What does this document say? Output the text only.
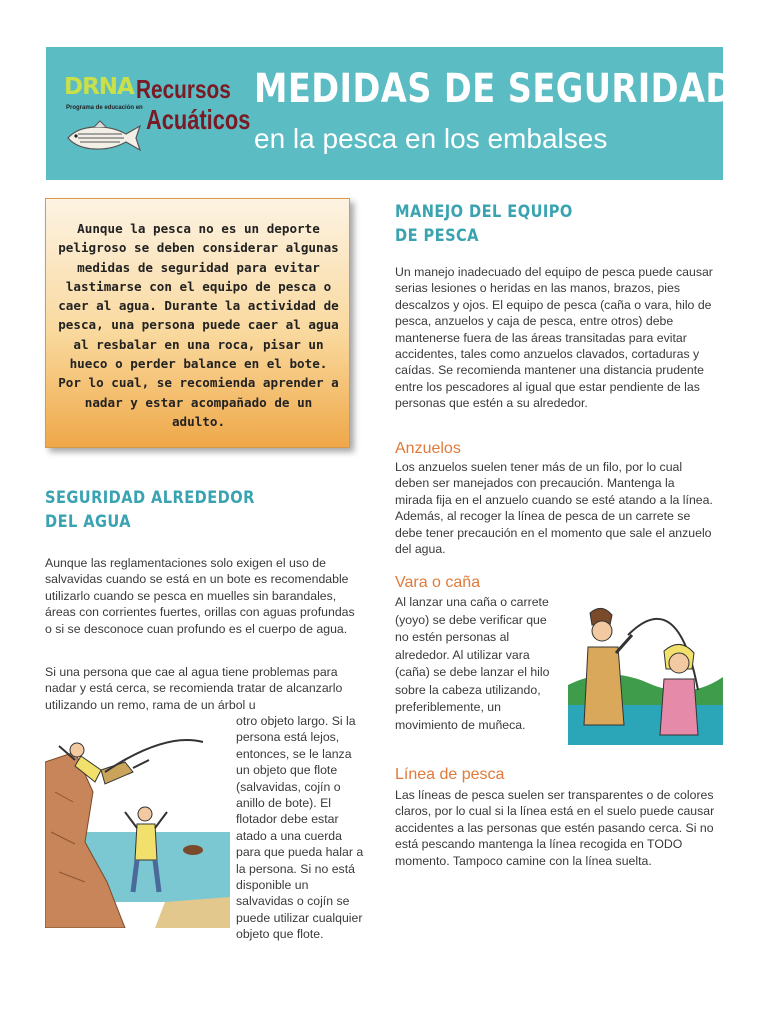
DRNA Recursos
Programa de educación en Acuáticos
MEDIDAS DE SEGURIDAD
en la pesca en los embalses
Aunque la pesca no es un deporte peligroso se deben considerar algunas medidas de seguridad para evitar lastimarse con el equipo de pesca o caer al agua. Durante la actividad de pesca, una persona puede caer al agua al resbalar en una roca, pisar un hueco o perder balance en el bote. Por lo cual, se recomienda aprender a nadar y estar acompañado de un adulto.
SEGURIDAD ALREDEDOR
DEL AGUA
Aunque las reglamentaciones solo exigen el uso de salvavidas cuando se está en un bote es recomendable utilizarlo cuando se pesca en muelles sin barandales, áreas con corrientes fuertes, orillas con aguas profundas o si se desconoce cuan profundo es el cuerpo de agua.
Si una persona que cae al agua tiene problemas para nadar y está cerca, se recomienda tratar de alcanzarlo utilizando un remo, rama de un árbol u
otro objeto largo. Si la persona está lejos, entonces, se le lanza un objeto que flote (salvavidas, cojín o anillo de bote). El flotador debe estar atado a una cuerda para que pueda halar a la persona. Si no está disponible un salvavidas o cojín se puede utilizar cualquier objeto que flote.
MANEJO DEL EQUIPO
DE PESCA
Un manejo inadecuado del equipo de pesca puede causar serias lesiones o heridas en las manos, brazos, pies descalzos y ojos. El equipo de pesca (caña o vara, hilo de pesca, anzuelos y caja de pesca, entre otros) debe mantenerse fuera de las áreas transitadas para evitar accidentes, tales como anzuelos clavados, cortaduras y caídas. Se recomienda mantener una distancia prudente entre los pescadores al igual que estar pendiente de las personas que estén a su alrededor.
Anzuelos
Los anzuelos suelen tener más de un filo, por lo cual deben ser manejados con precaución. Mantenga la mirada fija en el anzuelo cuando se esté atando a la línea. Además, al recoger la línea de pesca de un carrete se debe tener precaución en el momento que sale el anzuelo del agua.
Vara o caña
Al lanzar una caña o carrete (yoyo) se debe verificar que no estén personas al alrededor. Al utilizar vara (caña) se debe lanzar el hilo sobre la cabeza utilizando, preferiblemente, un movimiento de muñeca.
Línea de pesca
Las líneas de pesca suelen ser transparentes o de colores claros, por lo cual si la línea está en el suelo puede causar accidentes a las personas que estén pasando cerca. Si no está pescando mantenga la línea recogida en TODO momento. Tampoco camine con la línea suelta.
